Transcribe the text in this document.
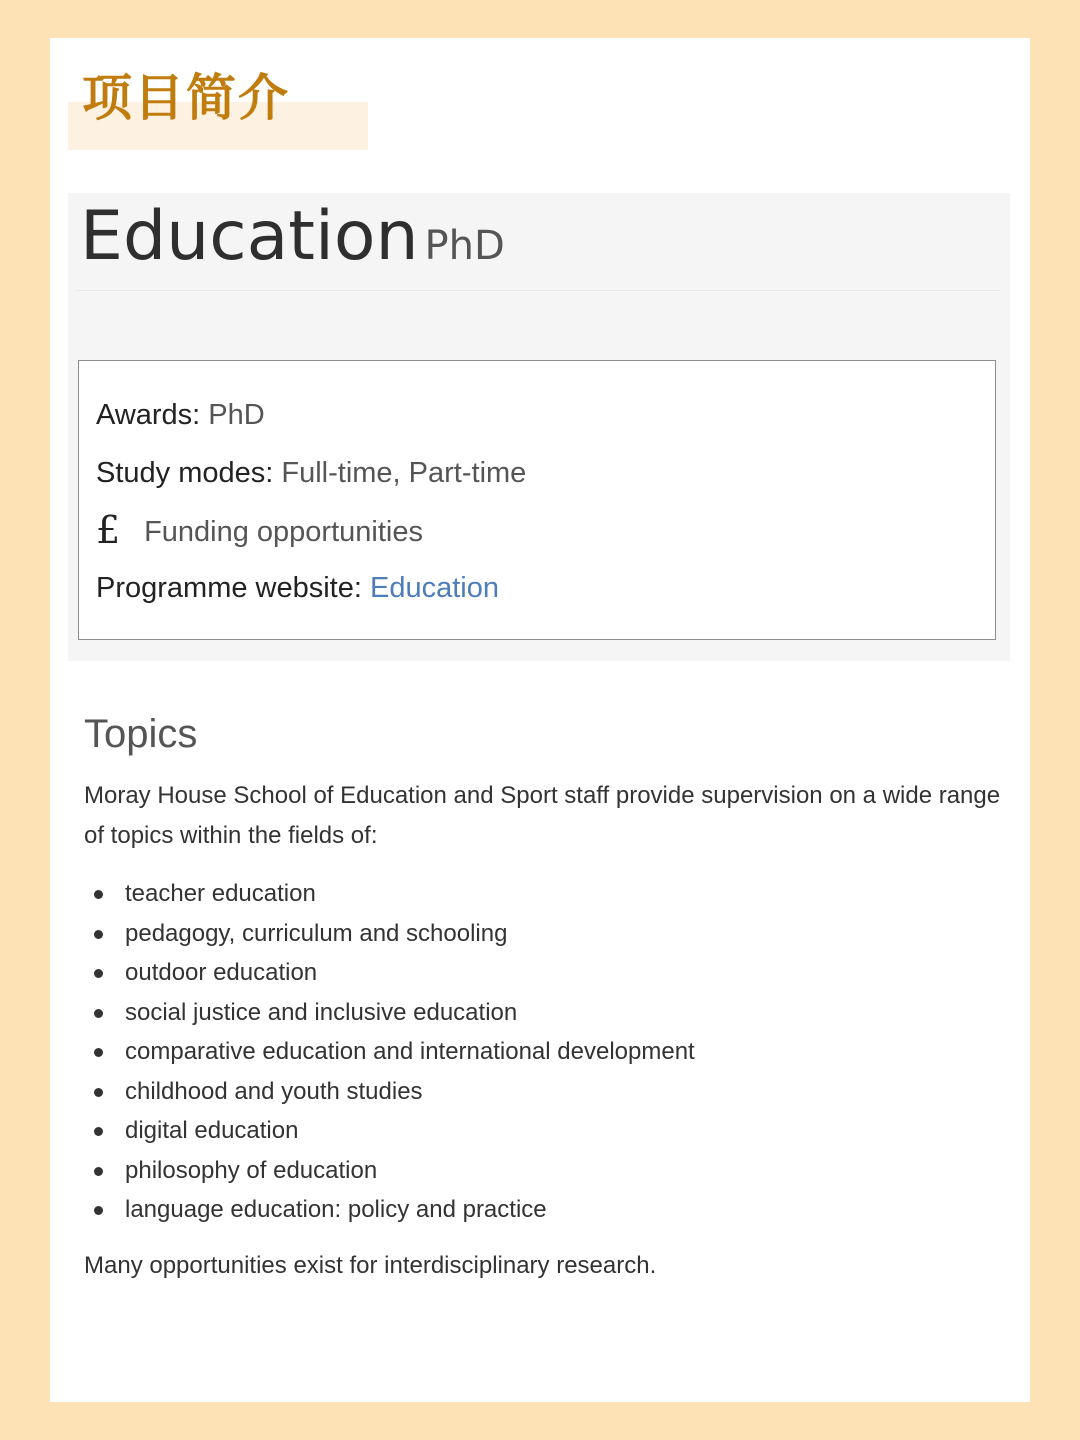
项目简介
Education PhD
Awards: PhD
Study modes: Full-time, Part-time
£ Funding opportunities
Programme website: Education
Topics

Moray House School of Education and Sport staff provide supervision on a wide range of topics within the fields of:

teacher education
pedagogy, curriculum and schooling
outdoor education
social justice and inclusive education
comparative education and international development
childhood and youth studies
digital education
philosophy of education
language education: policy and practice

Many opportunities exist for interdisciplinary research.
